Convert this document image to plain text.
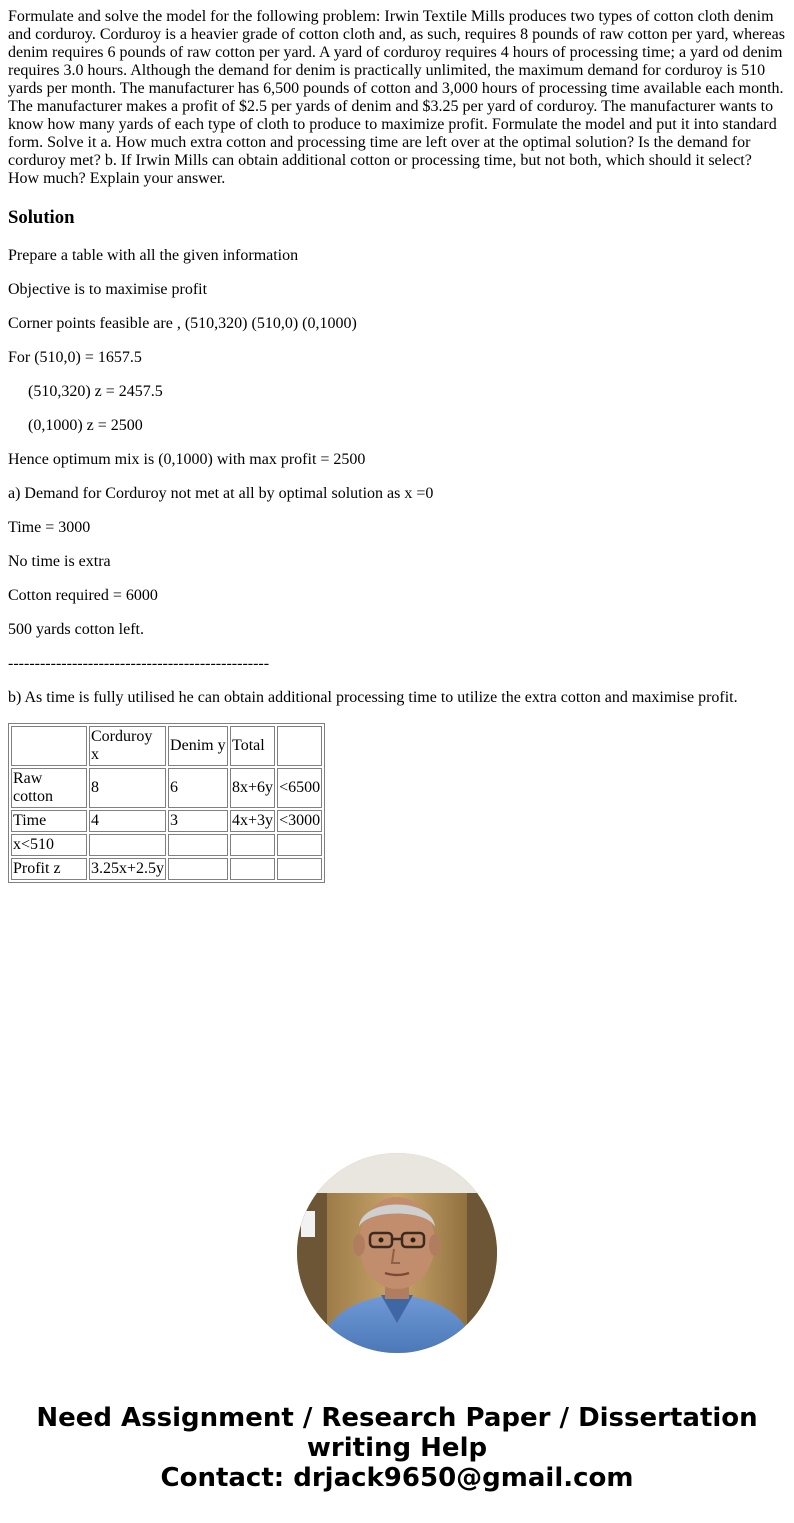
Formulate and solve the model for the following problem: Irwin Textile Mills produces two types of cotton cloth denim and corduroy. Corduroy is a heavier grade of cotton cloth and, as such, requires 8 pounds of raw cotton per yard, whereas denim requires 6 pounds of raw cotton per yard. A yard of corduroy requires 4 hours of processing time; a yard od denim requires 3.0 hours. Although the demand for denim is practically unlimited, the maximum demand for corduroy is 510 yards per month. The manufacturer has 6,500 pounds of cotton and 3,000 hours of processing time available each month. The manufacturer makes a profit of $2.5 per yards of denim and $3.25 per yard of corduroy. The manufacturer wants to know how many yards of each type of cloth to produce to maximize profit. Formulate the model and put it into standard form. Solve it a. How much extra cotton and processing time are left over at the optimal solution? Is the demand for corduroy met? b. If Irwin Mills can obtain additional cotton or processing time, but not both, which should it select? How much? Explain your answer.
Solution
Prepare a table with all the given information
Objective is to maximise profit
Corner points feasible are , (510,320) (510,0) (0,1000)
For (510,0) = 1657.5
(510,320) z = 2457.5
(0,1000) z = 2500
Hence optimum mix is (0,1000) with max profit = 2500
a) Demand for Corduroy not met at all by optimal solution as x =0
Time = 3000
No time is extra
Cotton required = 6000
500 yards cotton left.
-------------------------------------------------
b) As time is fully utilised he can obtain additional processing time to utilize the extra cotton and maximise profit.
	Corduroy x	Denim y	Total	
Raw cotton	8	6	8x+6y	<6500
Time	4	3	4x+3y	<3000
x<510				
Profit z	3.25x+2.5y			
Need Assignment / Research Paper / Dissertation
writing Help
Contact: drjack9650@gmail.com
